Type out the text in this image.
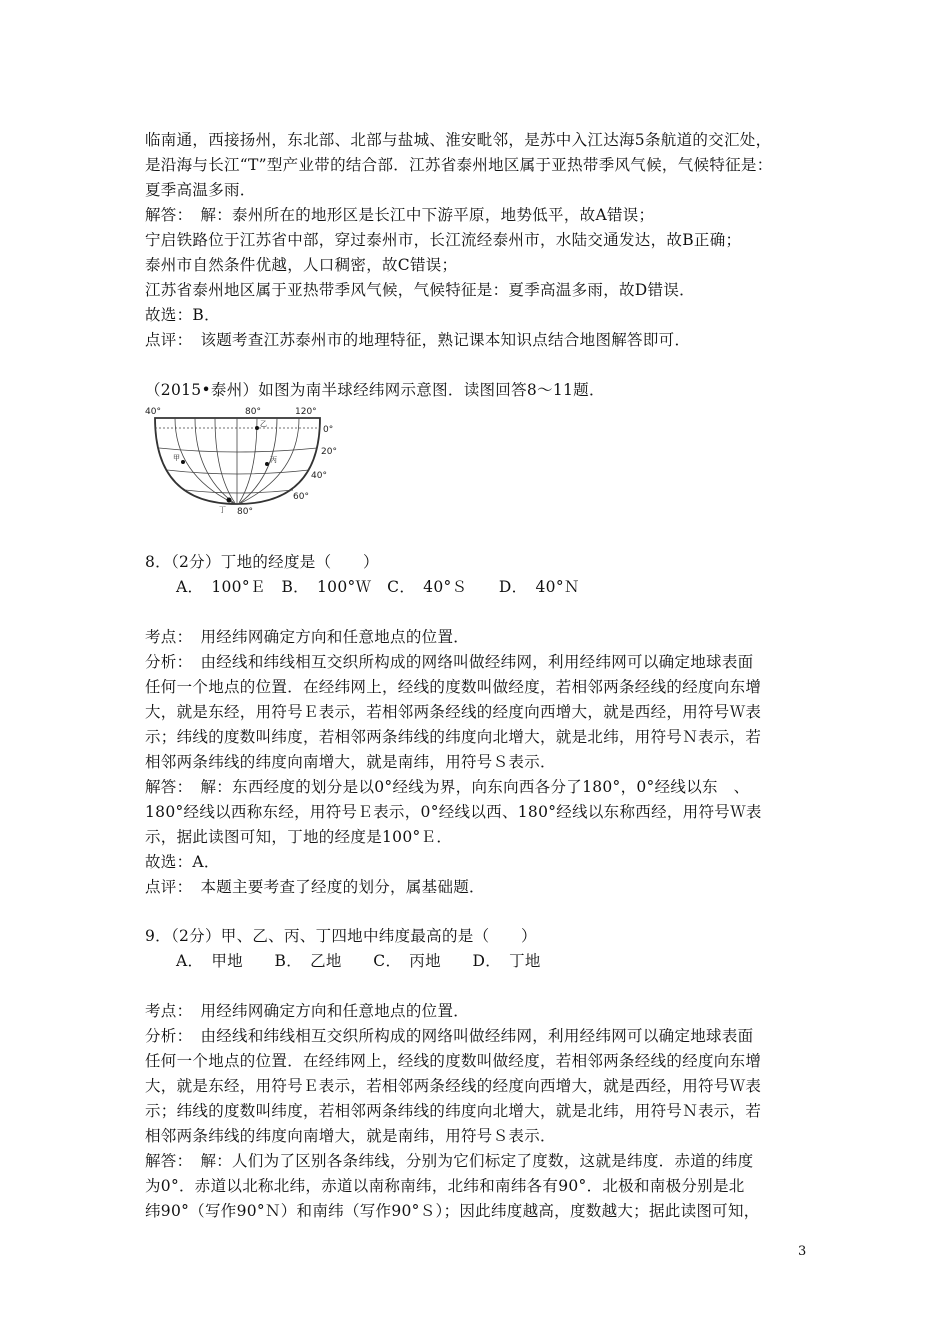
临南通，西接扬州，东北部、北部与盐城、淮安毗邻，是苏中入江达海5条航道的交汇处，
是沿海与长江“T”型产业带的结合部．江苏省泰州地区属于亚热带季风气候，气候特征是：
夏季高温多雨．
解答：　解：泰州所在的地形区是长江中下游平原，地势低平，故A错误；
宁启铁路位于江苏省中部，穿过泰州市，长江流经泰州市，水陆交通发达，故B正确；
泰州市自然条件优越，人口稠密，故C错误；
江苏省泰州地区属于亚热带季风气候，气候特征是：夏季高温多雨，故D错误．
故选：B．
点评：　该题考查江苏泰州市的地理特征，熟记课本知识点结合地图解答即可．
（2015•泰州）如图为南半球经纬网示意图．读图回答8～11题．
40°	80°	120°
0°
20°
40°
60°
80°
甲
乙
丙
丁
8．（2分）丁地的经度是（　　）
A．　100°Ｅ　B．　100°Ｗ　C．　40°Ｓ　　D．　40°Ｎ
考点：　用经纬网确定方向和任意地点的位置．
分析：　由经线和纬线相互交织所构成的网络叫做经纬网，利用经纬网可以确定地球表面
任何一个地点的位置．在经纬网上，经线的度数叫做经度，若相邻两条经线的经度向东增
大，就是东经，用符号Ｅ表示，若相邻两条经线的经度向西增大，就是西经，用符号Ｗ表
示；纬线的度数叫纬度，若相邻两条纬线的纬度向北增大，就是北纬，用符号Ｎ表示，若
相邻两条纬线的纬度向南增大，就是南纬，用符号Ｓ表示．
解答：　解：东西经度的划分是以0°经线为界，向东向西各分了180°，0°经线以东　、
180°经线以西称东经，用符号Ｅ表示，0°经线以西、180°经线以东称西经，用符号Ｗ表
示，据此读图可知，丁地的经度是100°Ｅ．
故选：A．
点评：　本题主要考查了经度的划分，属基础题．
9．（2分）甲、乙、丙、丁四地中纬度最高的是（　　）
A．　甲地　　B．　乙地　　C．　丙地　　D．　丁地
考点：　用经纬网确定方向和任意地点的位置．
分析：　由经线和纬线相互交织所构成的网络叫做经纬网，利用经纬网可以确定地球表面
任何一个地点的位置．在经纬网上，经线的度数叫做经度，若相邻两条经线的经度向东增
大，就是东经，用符号Ｅ表示，若相邻两条经线的经度向西增大，就是西经，用符号Ｗ表
示；纬线的度数叫纬度，若相邻两条纬线的纬度向北增大，就是北纬，用符号Ｎ表示，若
相邻两条纬线的纬度向南增大，就是南纬，用符号Ｓ表示．
解答：　解：人们为了区别各条纬线，分别为它们标定了度数，这就是纬度．赤道的纬度
为0°．赤道以北称北纬，赤道以南称南纬，北纬和南纬各有90°．北极和南极分别是北
纬90°（写作90°Ｎ）和南纬（写作90°Ｓ）；因此纬度越高，度数越大；据此读图可知，
3
